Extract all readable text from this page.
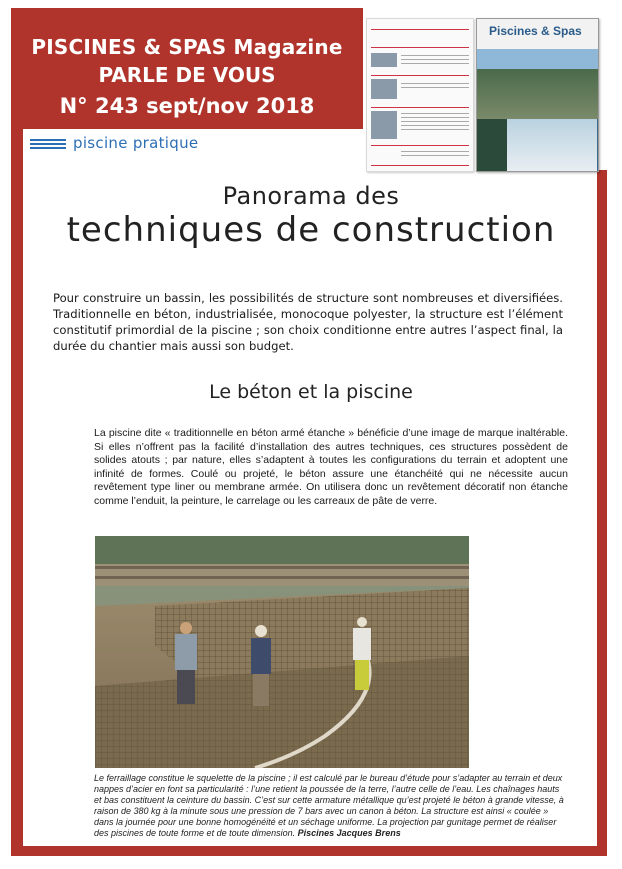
PISCINES & SPAS Magazine
PARLE DE VOUS
N° 243 sept/nov 2018
piscine pratique
Piscines & Spas
Panorama des
techniques de construction
Pour construire un bassin, les possibilités de structure sont nombreuses et diversifiées. Traditionnelle en béton, industrialisée, monocoque polyester, la structure est l’élément constitutif primordial de la piscine ; son choix conditionne entre autres l’aspect final, la durée du chantier mais aussi son budget.
Le béton et la piscine
La piscine dite « traditionnelle en béton armé étanche » bénéficie d’une image de marque inaltérable. Si elles n’offrent pas la facilité d’installation des autres techniques, ces structures possèdent de solides atouts ; par nature, elles s’adaptent à toutes les configurations du terrain et adoptent une infinité de formes. Coulé ou projeté, le béton assure une étanchéité qui ne nécessite aucun revêtement type liner ou membrane armée. On utilisera donc un revêtement décoratif non étanche comme l’enduit, la peinture, le carrelage ou les carreaux de pâte de verre.
Le ferraillage constitue le squelette de la piscine ; il est calculé par le bureau d’étude pour s’adapter au terrain et deux nappes d’acier en font sa particularité : l’une retient la poussée de la terre, l’autre celle de l’eau. Les chaînages hauts et bas constituent la ceinture du bassin. C’est sur cette armature métallique qu’est projeté le béton à grande vitesse, à raison de 380 kg à la minute sous une pression de 7 bars avec un canon à béton. La structure est ainsi « coulée » dans la journée pour une bonne homogénéité et un séchage uniforme. La projection par gunitage permet de réaliser des piscines de toute forme et de toute dimension. Piscines Jacques Brens
